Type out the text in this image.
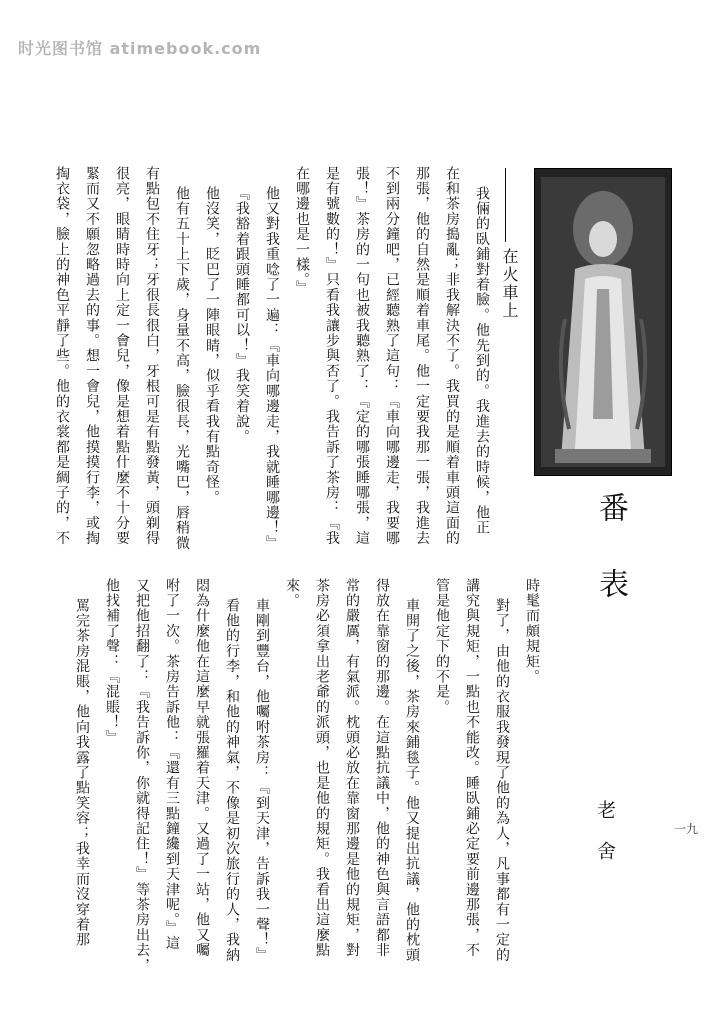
时光图书馆 atimebook.com
一九
在火車上
番表
老舍
我倆的臥鋪對着臉。他先到的。我進去的時候，他正
在和茶房搗亂；非我解決不了。我買的是順着車頭這面的
那張，他的自然是順着車尾。他一定要我那一張，我進去
不到兩分鐘吧，已經聽熟了這句：『車向哪邊走，我要哪
張！』茶房的一句也被我聽熟了：『定的哪張睡哪張，這
是有號數的！』只看我讓步與否了。我告訴了茶房：『我
在哪邊也是一樣。』
他又對我重唸了一遍：『車向哪邊走，我就睡哪邊！』
『我豁着跟頭睡都可以！』我笑着說。
他沒笑，眨巴了一陣眼睛，似乎看我有點奇怪。
他有五十上下歲，身量不高，臉很長，光嘴巴，唇稍微
有點包不住牙；牙很長很白，牙根可是有點發黃，頭剃得
很亮，眼睛時時向上定一會兒，像是想着點什麼不十分要
緊而又不願忽略過去的事。想一會兒，他摸摸行李，或掏
掏衣袋，臉上的神色平靜了些。他的衣裳都是綢子的，不
時髦而頗規矩。
對了，由他的衣服我發現了他的為人，凡事都有一定的
講究與規矩，一點也不能改。睡臥鋪必定要前邊那張，不
管是他定下的不是。
車開了之後，茶房來鋪毯子。他又提出抗議，他的枕頭
得放在靠窗的那邊。在這點抗議中，他的神色與言語都非
常的嚴厲，有氣派。枕頭必放在靠窗那邊是他的規矩，對
茶房必須拿出老爺的派頭，也是他的規矩。我看出這麼點
來。
車剛到豐台，他囑咐茶房：『到天津，告訴我一聲！』
看他的行李，和他的神氣，不像是初次旅行的人，我納
悶為什麼他在這麼早就張羅着天津。又過了一站，他又囑
咐了一次。茶房告訴他：『還有三點鐘纔到天津呢。』這
又把他招翻了：『我告訴你，你就得記住！』等茶房出去，
他找補了聲：『混賬！』
罵完茶房混賬，他向我露了點笑容；我幸而沒穿着那
